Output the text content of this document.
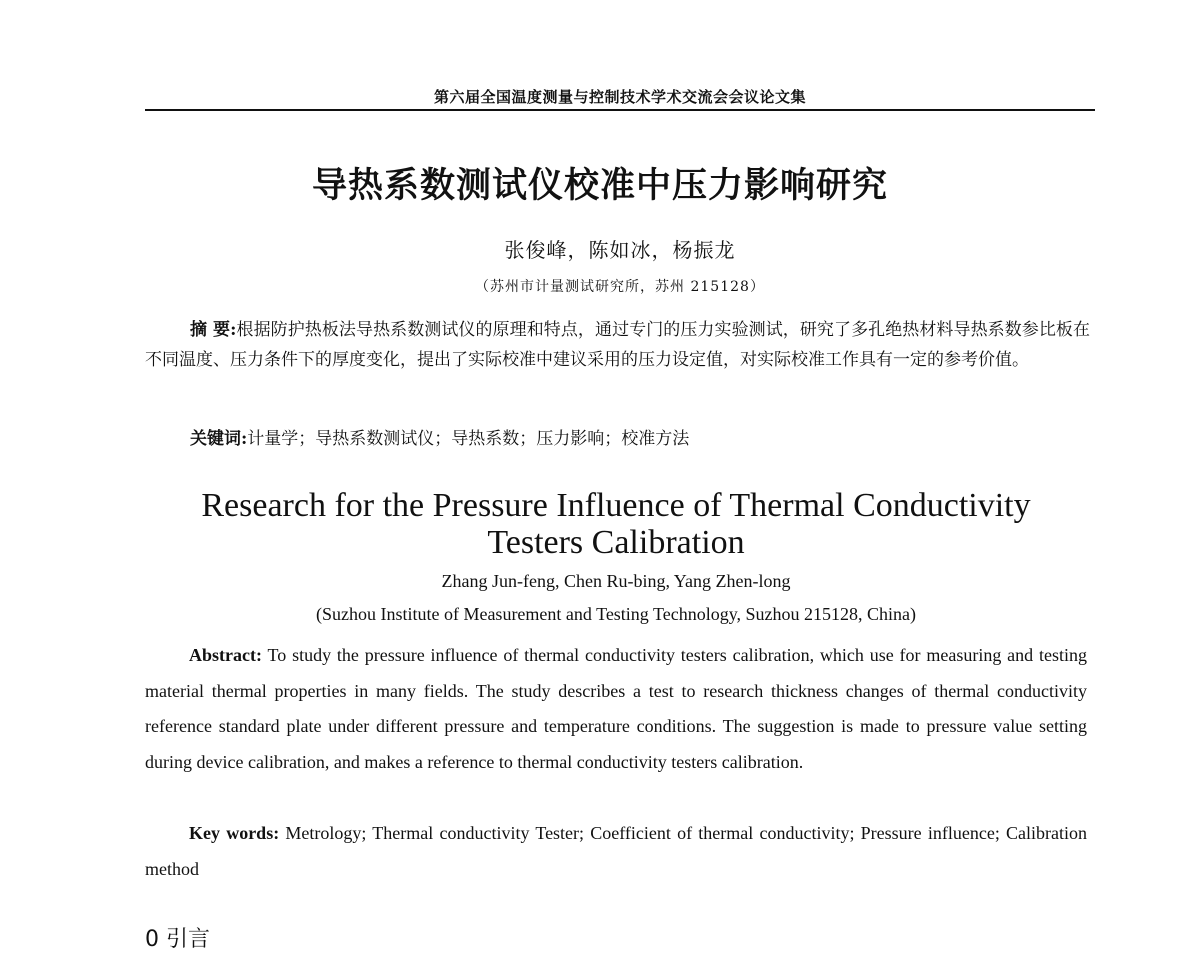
第六届全国温度测量与控制技术学术交流会会议论文集
导热系数测试仪校准中压力影响研究
张俊峰，陈如冰，杨振龙
（苏州市计量测试研究所，苏州 215128）
摘 要:根据防护热板法导热系数测试仪的原理和特点，通过专门的压力实验测试，研究了多孔绝热材料导热系数参比板在不同温度、压力条件下的厚度变化，提出了实际校准中建议采用的压力设定值，对实际校准工作具有一定的参考价值。
关键词:计量学；导热系数测试仪；导热系数；压力影响；校准方法
Research for the Pressure Influence of Thermal Conductivity
Testers Calibration
Zhang Jun-feng, Chen Ru-bing, Yang Zhen-long
(Suzhou Institute of Measurement and Testing Technology, Suzhou 215128, China)
Abstract: To study the pressure influence of thermal conductivity testers calibration, which use for measuring and testing material thermal properties in many fields. The study describes a test to research thickness changes of thermal conductivity reference standard plate under different pressure and temperature conditions. The suggestion is made to pressure value setting during device calibration, and makes a reference to thermal conductivity testers calibration.
Key words: Metrology; Thermal conductivity Tester; Coefficient of thermal conductivity; Pressure influence; Calibration method
0 引言
